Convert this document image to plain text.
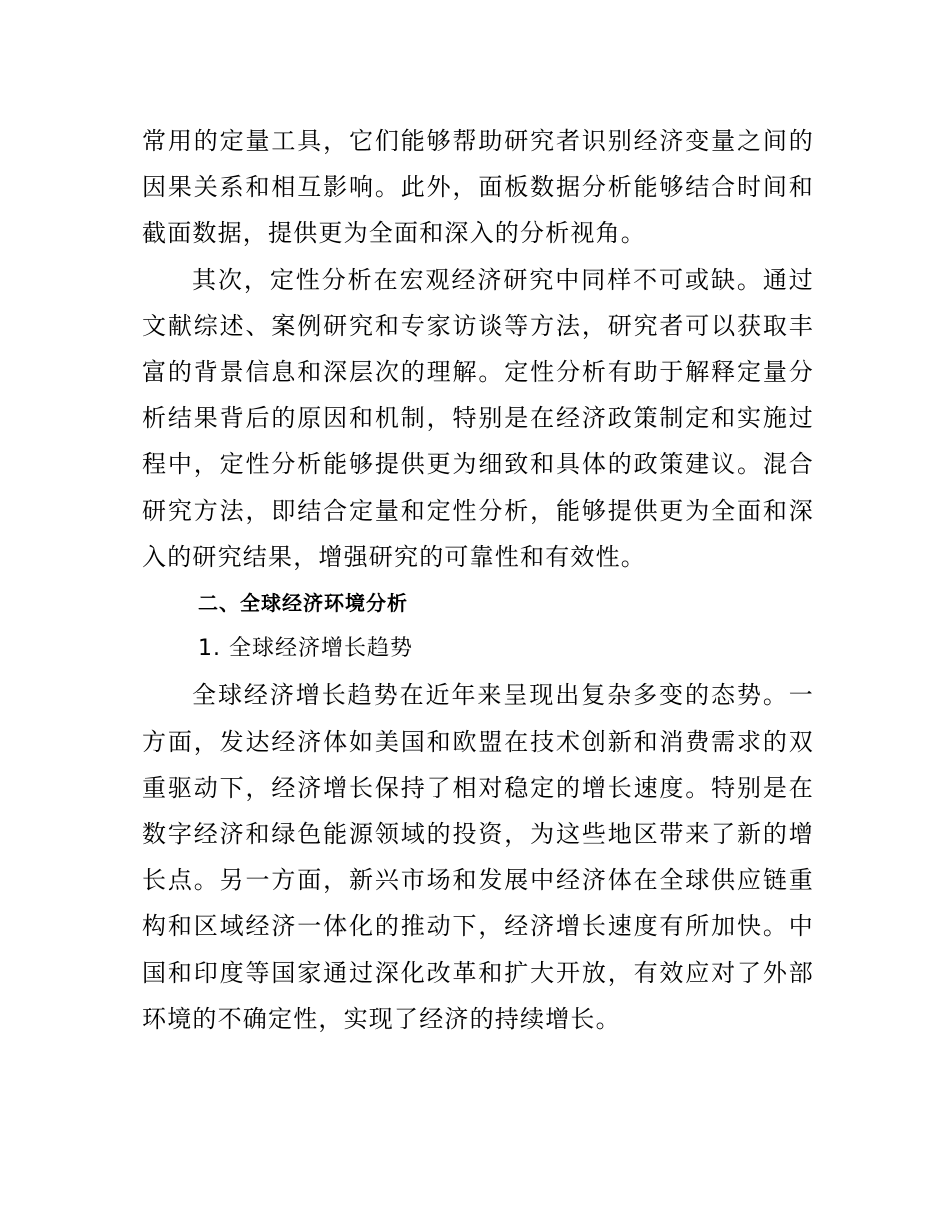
常用的定量工具，它们能够帮助研究者识别经济变量之间的因果关系和相互影响。此外，面板数据分析能够结合时间和截面数据，提供更为全面和深入的分析视角。

其次，定性分析在宏观经济研究中同样不可或缺。通过文献综述、案例研究和专家访谈等方法，研究者可以获取丰富的背景信息和深层次的理解。定性分析有助于解释定量分析结果背后的原因和机制，特别是在经济政策制定和实施过程中，定性分析能够提供更为细致和具体的政策建议。混合研究方法，即结合定量和定性分析，能够提供更为全面和深入的研究结果，增强研究的可靠性和有效性。

二、全球经济环境分析

1. 全球经济增长趋势

全球经济增长趋势在近年来呈现出复杂多变的态势。一方面，发达经济体如美国和欧盟在技术创新和消费需求的双重驱动下，经济增长保持了相对稳定的增长速度。特别是在数字经济和绿色能源领域的投资，为这些地区带来了新的增长点。另一方面，新兴市场和发展中经济体在全球供应链重构和区域经济一体化的推动下，经济增长速度有所加快。中国和印度等国家通过深化改革和扩大开放，有效应对了外部环境的不确定性，实现了经济的持续增长。
